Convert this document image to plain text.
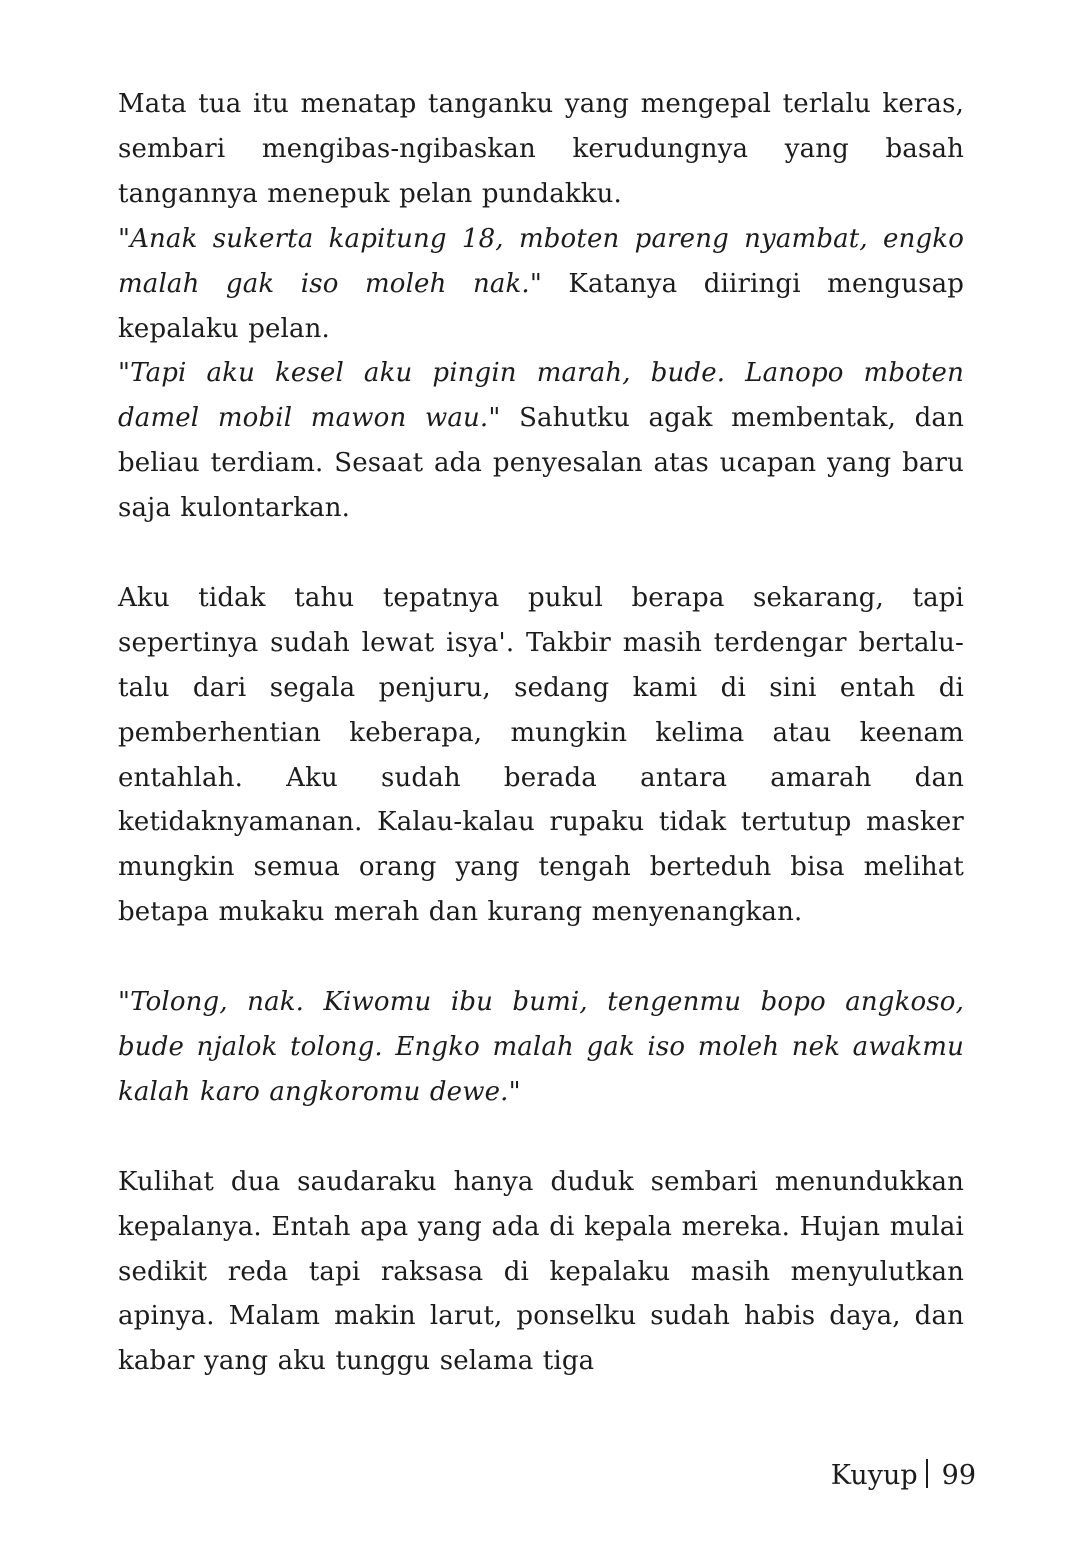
Mata tua itu menatap tanganku yang mengepal terlalu keras, sembari mengibas-ngibaskan kerudungnya yang basah tangannya menepuk pelan pundakku.

"Anak sukerta kapitung 18, mboten pareng nyambat, engko malah gak iso moleh nak." Katanya diiringi mengusap kepalaku pelan.

"Tapi aku kesel aku pingin marah, bude. Lanopo mboten damel mobil mawon wau." Sahutku agak membentak, dan beliau terdiam. Sesaat ada penyesalan atas ucapan yang baru saja kulontarkan.

Aku tidak tahu tepatnya pukul berapa sekarang, tapi sepertinya sudah lewat isya'. Takbir masih terdengar bertalu-talu dari segala penjuru, sedang kami di sini entah di pemberhentian keberapa, mungkin kelima atau keenam entahlah. Aku sudah berada antara amarah dan ketidaknyamanan. Kalau-kalau rupaku tidak tertutup masker mungkin semua orang yang tengah berteduh bisa melihat betapa mukaku merah dan kurang menyenangkan.

"Tolong, nak. Kiwomu ibu bumi, tengenmu bopo angkoso, bude njalok tolong. Engko malah gak iso moleh nek awakmu kalah karo angkoromu dewe."

Kulihat dua saudaraku hanya duduk sembari menundukkan kepalanya. Entah apa yang ada di kepala mereka. Hujan mulai sedikit reda tapi raksasa di kepalaku masih menyulutkan apinya. Malam makin larut, ponselku sudah habis daya, dan kabar yang aku tunggu selama tiga

Kuyup 99
